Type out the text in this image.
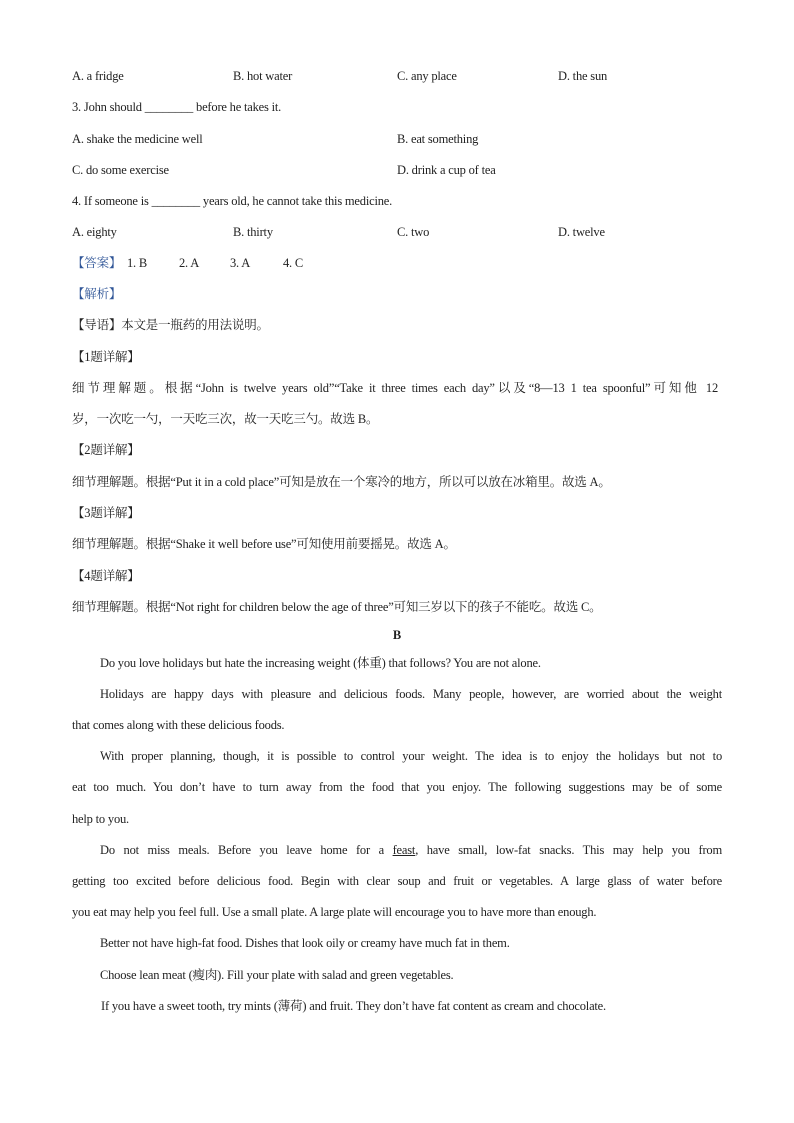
A. a fridge	B. hot water	C. any place	D. the sun
3. John should ________ before he takes it.
A. shake the medicine well	B. eat something
C. do some exercise	D. drink a cup of tea
4. If someone is ________ years old, he cannot take this medicine.
A. eighty	B. thirty	C. two	D. twelve
【答案】 1. B	2. A 3. A	4. C
【解析】
【导语】本文是一瓶药的用法说明。
【1题详解】
细节理解题。根据“John is twelve years old”“Take it three times each day”以及“8—13 1 tea spoonful”可知他 12
岁，一次吃一勺，一天吃三次，故一天吃三勺。故选 B。
【2题详解】
细节理解题。根据“Put it in a cold place”可知是放在一个寒冷的地方，所以可以放在冰箱里。故选 A。
【3题详解】
细节理解题。根据“Shake it well before use”可知使用前要摇晃。故选 A。
【4题详解】
细节理解题。根据“Not right for children below the age of three”可知三岁以下的孩子不能吃。故选 C。
B
Do you love holidays but hate the increasing weight (体重) that follows? You are not alone.
Holidays are happy days with pleasure and delicious foods. Many people, however, are worried about the weight
that comes along with these delicious foods.
With proper planning, though, it is possible to control your weight. The idea is to enjoy the holidays but not to
eat too much. You don’t have to turn away from the food that you enjoy. The following suggestions may be of some
help to you.
Do not miss meals. Before you leave home for a feast, have small, low-fat snacks. This may help you from
getting too excited before delicious food. Begin with clear soup and fruit or vegetables. A large glass of water before
you eat may help you feel full. Use a small plate. A large plate will encourage you to have more than enough.
Better not have high-fat food. Dishes that look oily or creamy have much fat in them.
Choose lean meat (瘦肉). Fill your plate with salad and green vegetables.
If you have a sweet tooth, try mints (薄荷) and fruit. They don’t have fat content as cream and chocolate.
